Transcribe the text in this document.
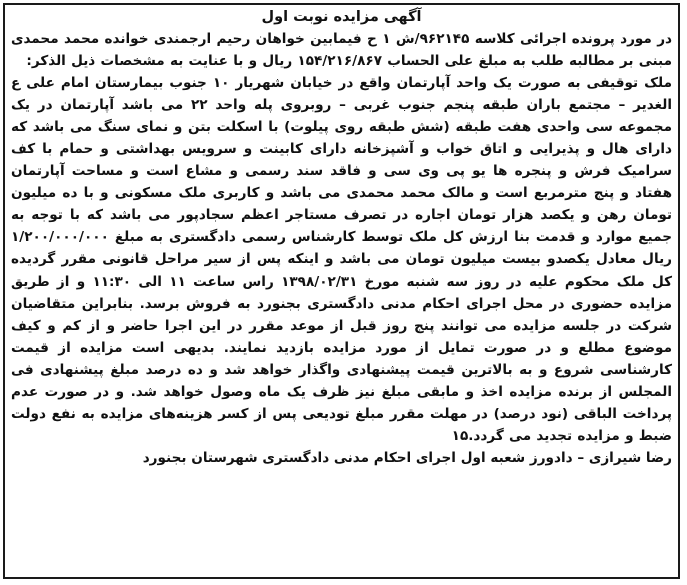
آگهی مزایده نوبت اول

در مورد پرونده اجرائی کلاسه ۹۶۲۱۴۵/ش ۱ ح فیمابین خواهان رحیم ارجمندی خوانده محمد محمدی مبنی بر مطالبه طلب به مبلغ علی الحساب ۱۵۴/۲۱۶/۸۶۷ ریال و با عنایت به مشخصات ذیل الذکر:

ملک توقیفی به صورت یک واحد آپارتمان واقع در خیابان شهریار ۱۰ جنوب بیمارستان امام علی ع الغدیر – مجتمع باران طبقه پنجم جنوب غربی – روبروی پله واحد ۲۲ می باشد آپارتمان در یک مجموعه سی واحدی هفت طبقه (شش طبقه روی پیلوت) با اسکلت بتن و نمای سنگ می باشد که دارای هال و پذیرایی و اتاق خواب و آشپزخانه دارای کابینت و سرویس بهداشتی و حمام با کف سرامیک فرش و پنجره ها یو پی وی سی و فاقد سند رسمی و مشاع است و مساحت آپارتمان هفتاد و پنج مترمربع است و مالک محمد محمدی می باشد و کاربری ملک مسکونی و با ده میلیون تومان رهن و یکصد هزار تومان اجاره در تصرف مستاجر اعظم سجادپور می باشد که با توجه به جمیع موارد و قدمت بنا ارزش کل ملک توسط کارشناس رسمی دادگستری به مبلغ ۱/۲۰۰/۰۰۰/۰۰۰ ریال معادل یکصدو بیست میلیون تومان می باشد و اینکه پس از سیر مراحل قانونی مقرر گردیده کل ملک محکوم علیه در روز سه شنبه مورخ ۱۳۹۸/۰۲/۳۱ راس ساعت ۱۱ الی ۱۱:۳۰ و از طریق مزایده حضوری در محل اجرای احکام مدنی دادگستری بجنورد به فروش برسد. بنابراین متقاضیان شرکت در جلسه مزایده می توانند پنج روز قبل از موعد مقرر در این اجرا حاضر و از کم و کیف موضوع مطلع و در صورت تمایل از مورد مزایده بازدید نمایند. بدیهی است مزایده از قیمت کارشناسی شروع و به بالاترین قیمت پیشنهادی واگذار خواهد شد و ده درصد مبلغ پیشنهادی فی المجلس از برنده مزایده اخذ و مابقی مبلغ نیز ظرف یک ماه وصول خواهد شد. و در صورت عدم پرداخت الباقی (نود درصد) در مهلت مقرر مبلغ تودیعی پس از کسر هزینه‌های مزایده به نفع دولت ضبط و مزایده تجدید می گردد.۱۵

رضا شیرازی – دادورز شعبه اول اجرای احکام مدنی دادگستری شهرستان بجنورد
